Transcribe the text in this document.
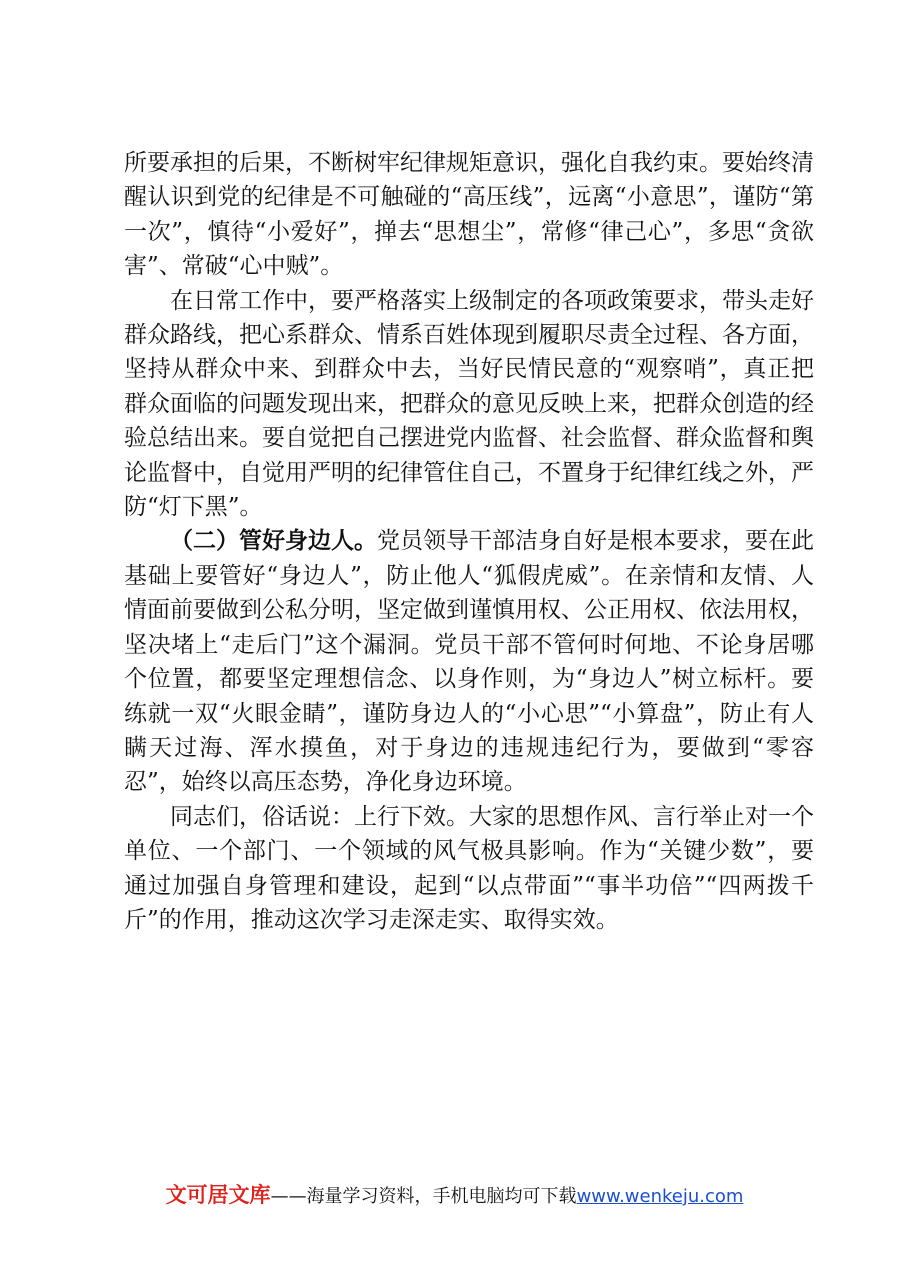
所要承担的后果，不断树牢纪律规矩意识，强化自我约束。要始终清醒认识到党的纪律是不可触碰的“高压线”，远离“小意思”，谨防“第一次”，慎待“小爱好”，掸去“思想尘”，常修“律己心”，多思“贪欲害”、常破“心中贼”。

在日常工作中，要严格落实上级制定的各项政策要求，带头走好群众路线，把心系群众、情系百姓体现到履职尽责全过程、各方面，坚持从群众中来、到群众中去，当好民情民意的“观察哨”，真正把群众面临的问题发现出来，把群众的意见反映上来，把群众创造的经验总结出来。要自觉把自己摆进党内监督、社会监督、群众监督和舆论监督中，自觉用严明的纪律管住自己，不置身于纪律红线之外，严防“灯下黑”。

（二）管好身边人。党员领导干部洁身自好是根本要求，要在此基础上要管好“身边人”，防止他人“狐假虎威”。在亲情和友情、人情面前要做到公私分明，坚定做到谨慎用权、公正用权、依法用权，坚决堵上“走后门”这个漏洞。党员干部不管何时何地、不论身居哪个位置，都要坚定理想信念、以身作则，为“身边人”树立标杆。要练就一双“火眼金睛”，谨防身边人的“小心思”“小算盘”，防止有人瞒天过海、浑水摸鱼，对于身边的违规违纪行为，要做到“零容忍”，始终以高压态势，净化身边环境。

同志们，俗话说：上行下效。大家的思想作风、言行举止对一个单位、一个部门、一个领域的风气极具影响。作为“关键少数”，要通过加强自身管理和建设，起到“以点带面”“事半功倍”“四两拨千斤”的作用，推动这次学习走深走实、取得实效。

文可居文库——海量学习资料，手机电脑均可下载www.wenkeju.com
